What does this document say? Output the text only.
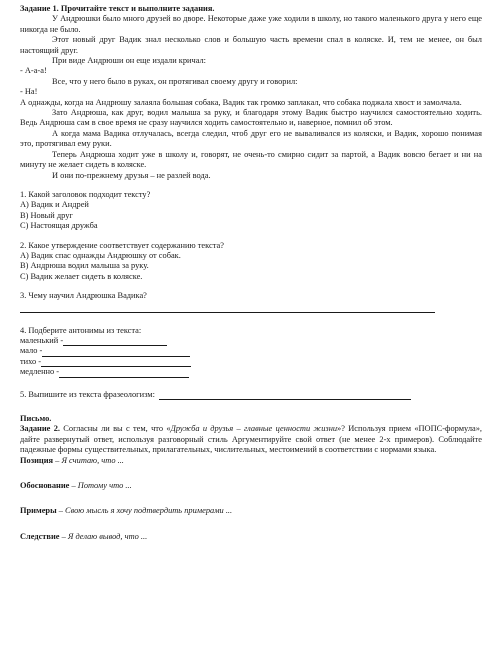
Задание 1. Прочитайте текст и выполните задания.

У Андрюшки было много друзей во дворе. Некоторые даже уже ходили в школу, но такого маленького друга у него еще никогда не было.

Этот новый друг Вадик знал несколько слов и большую часть времени спал в коляске. И, тем не менее, он был настоящий друг.

При виде Андрюши он еще издали кричал:

- А-а-а!

Все, что у него было в руках, он протягивал своему другу и говорил:

- На!

А однажды, когда на Андрюшу залаяла большая собака, Вадик так громко заплакал, что собака поджала хвост и замолчала.

Зато Андрюша, как друг, водил малыша за руку, и благодаря этому Вадик быстро научился самостоятельно ходить. Ведь Андрюша сам в свое время не сразу научился ходить самостоятельно и, наверное, помнил об этом.

А когда мама Вадика отлучалась, всегда следил, чтоб друг его не вываливался из коляски, и Вадик, хорошо понимая это, протягивал ему руки.

Теперь Андрюша ходит уже в школу и, говорят, не очень-то смирно сидит за партой, а Вадик вовсю бегает и ни на минуту не желает сидеть в коляске.

И они по-прежнему друзья – не разлей вода.

1. Какой заголовок подходит тексту?

A) Вадик и Андрей

B) Новый друг

C) Настоящая дружба

2. Какое утверждение соответствует содержанию текста?

A) Вадик спас однажды Андрюшку от собак.

B) Андрюша водил малыша за руку.

C) Вадик желает сидеть в коляске.

3. Чему научил Андрюшка Вадика?

4. Подберите антонимы из текста:

маленький -
мало -
тихо -
медленно -
5. Выпишите из текста фразеологизм:

Письмо.

Задание 2. Согласны ли вы с тем, что «Дружба и друзья – главные ценности жизни»? Используя прием «ПОПС-формула», дайте развернутый ответ, используя разговорный стиль Аргументируйте свой ответ (не менее 2-х примеров). Соблюдайте падежные формы существительных, прилагательных, числительных, местоимений в соответствии с нормами языка.

Позиция – Я считаю, что ...

Обоснование – Потому что ...

Примеры – Свою мысль я хочу подтвердить примерами ...

Следствие – Я делаю вывод, что ...
